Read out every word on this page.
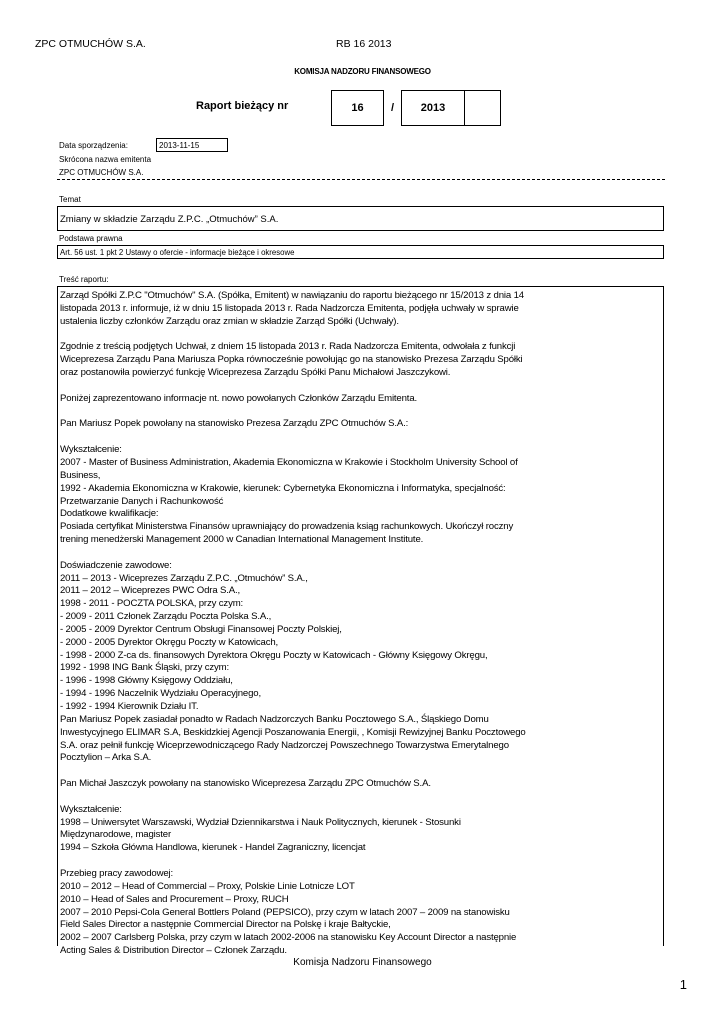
ZPC OTMUCHÓW S.A.	RB 16 2013
KOMISJA NADZORU FINANSOWEGO
Raport bieżący nr	16 / 2013
Data sporządzenia:	2013-11-15
Skrócona nazwa emitenta
ZPC OTMUCHÓW S.A.
Temat
Zmiany w składzie Zarządu Z.P.C. „Otmuchów” S.A.
Podstawa prawna
Art. 56 ust. 1 pkt 2 Ustawy o ofercie - informacje bieżące i okresowe
Treść raportu:

Zarząd Spółki Z.P.C "Otmuchów" S.A. (Spółka, Emitent) w nawiązaniu do raportu bieżącego nr 15/2013 z dnia 14

listopada 2013 r. informuje, iż w dniu 15 listopada 2013 r. Rada Nadzorcza Emitenta, podjęła uchwały w sprawie

ustalenia liczby członków Zarządu oraz zmian w składzie Zarząd Spółki (Uchwały).

Zgodnie z treścią podjętych Uchwał, z dniem 15 listopada 2013 r. Rada Nadzorcza Emitenta, odwołała z funkcji

Wiceprezesa Zarządu Pana Mariusza Popka równocześnie powołując go na stanowisko Prezesa Zarządu Spółki

oraz postanowiła powierzyć funkcję Wiceprezesa Zarządu Spółki Panu Michałowi Jaszczykowi.

Poniżej zaprezentowano informacje nt. nowo powołanych Członków Zarządu Emitenta.

Pan Mariusz Popek powołany na stanowisko Prezesa Zarządu ZPC Otmuchów S.A.:

Wykształcenie:

2007 - Master of Business Administration, Akademia Ekonomiczna w Krakowie i Stockholm University School of

Business,

1992 - Akademia Ekonomiczna w Krakowie, kierunek: Cybernetyka Ekonomiczna i Informatyka, specjalność:

Przetwarzanie Danych i Rachunkowość

Dodatkowe kwalifikacje:

Posiada certyfikat Ministerstwa Finansów uprawniający do prowadzenia ksiąg rachunkowych. Ukończył roczny

trening menedżerski Management 2000 w Canadian International Management Institute.

Doświadczenie zawodowe:

2011 – 2013 - Wiceprezes Zarządu Z.P.C. „Otmuchów” S.A.,

2011 – 2012 – Wiceprezes PWC Odra S.A.,

1998 - 2011 - POCZTA POLSKA, przy czym:

- 2009 - 2011 Członek Zarządu Poczta Polska S.A.,

- 2005 - 2009 Dyrektor Centrum Obsługi Finansowej Poczty Polskiej,

- 2000 - 2005 Dyrektor Okręgu Poczty w Katowicach,

- 1998 - 2000 Z-ca ds. finansowych Dyrektora Okręgu Poczty w Katowicach - Główny Księgowy Okręgu,

1992 - 1998 ING Bank Śląski, przy czym:

- 1996 - 1998 Główny Księgowy Oddziału,

- 1994 - 1996 Naczelnik Wydziału Operacyjnego,

- 1992 - 1994 Kierownik Działu IT.

Pan Mariusz Popek zasiadał ponadto w Radach Nadzorczych Banku Pocztowego S.A., Śląskiego Domu

Inwestycyjnego ELIMAR S.A, Beskidzkiej Agencji Poszanowania Energii, , Komisji Rewizyjnej Banku Pocztowego

S.A. oraz pełnił funkcję Wiceprzewodniczącego Rady Nadzorczej Powszechnego Towarzystwa Emerytalnego

Pocztylion – Arka S.A.

Pan Michał Jaszczyk powołany na stanowisko Wiceprezesa Zarządu ZPC Otmuchów S.A.

Wykształcenie:

1998 – Uniwersytet Warszawski, Wydział Dziennikarstwa i Nauk Politycznych, kierunek - Stosunki

Międzynarodowe, magister

1994 – Szkoła Główna Handlowa, kierunek - Handel Zagraniczny, licencjat

Przebieg pracy zawodowej:

2010 – 2012 – Head of Commercial – Proxy, Polskie Linie Lotnicze LOT

2010 – Head of Sales and Procurement – Proxy, RUCH

2007 – 2010 Pepsi-Cola General Bottlers Poland (PEPSICO), przy czym w latach 2007 – 2009 na stanowisku

Field Sales Director a następnie Commercial Director na Polskę i kraje Bałtyckie,

2002 – 2007 Carlsberg Polska, przy czym w latach 2002-2006 na stanowisku Key Account Director a następnie

Acting Sales & Distribution Director – Członek Zarządu.

Komisja Nadzoru Finansowego
1
